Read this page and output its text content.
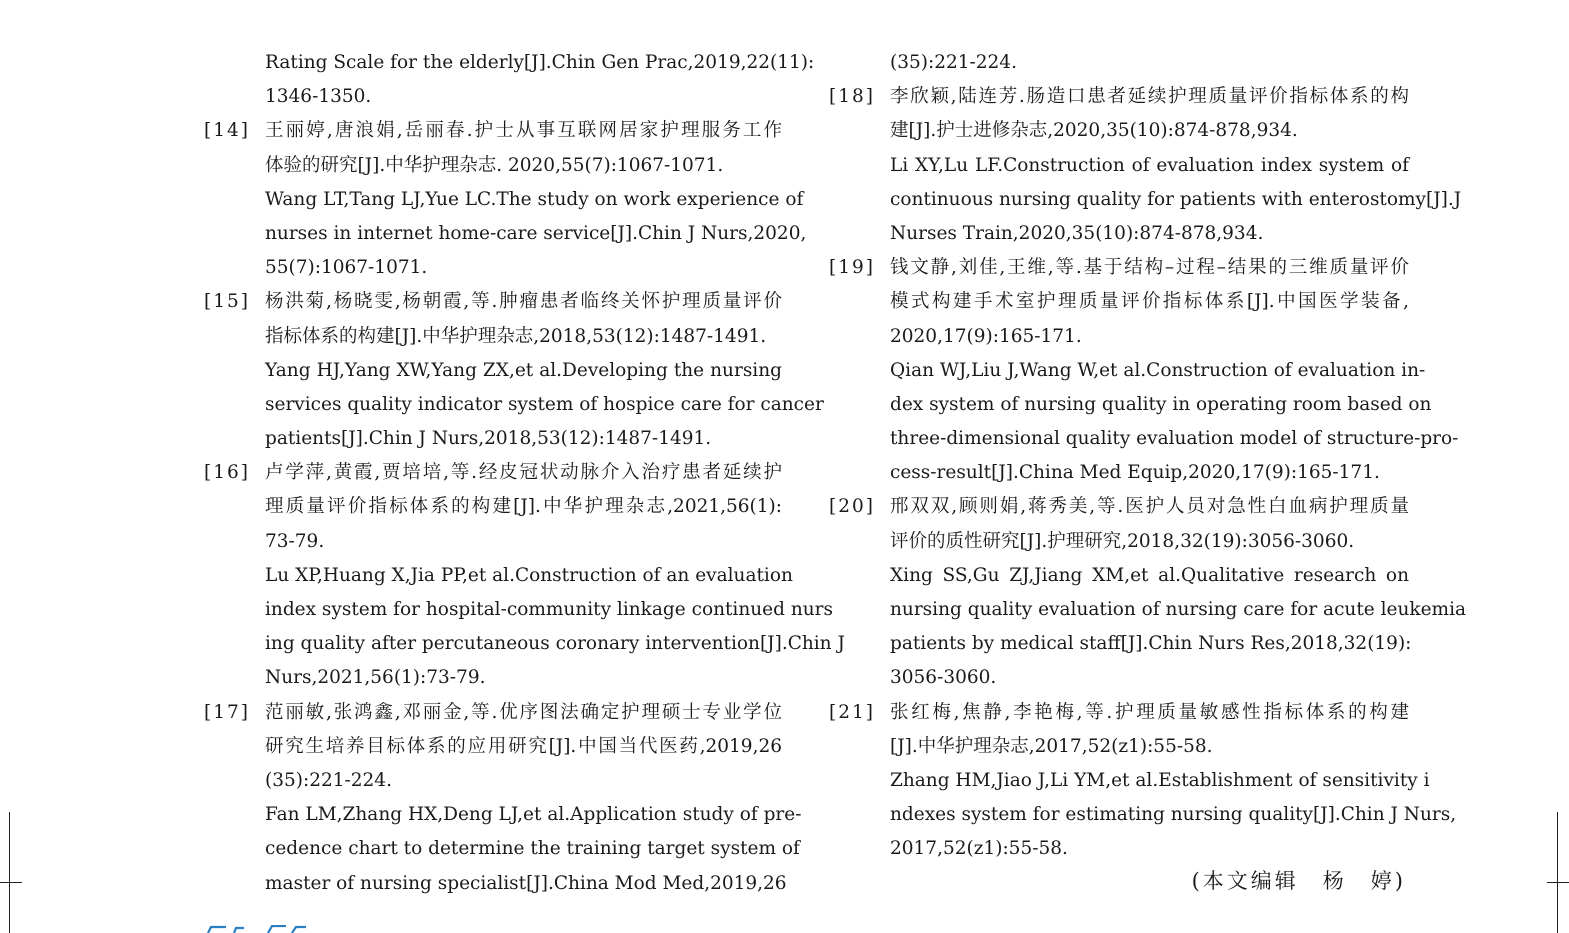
Rating Scale for the elderly[J].Chin Gen Prac,2019,22(11):
1346-1350.
[14] 王丽婷,唐浪娟,岳丽春.护士从事互联网居家护理服务工作
体验的研究[J].中华护理杂志. 2020,55(7):1067-1071.
Wang LT,Tang LJ,Yue LC.The study on work experience of
nurses in internet home-care service[J].Chin J Nurs,2020,
55(7):1067-1071.
[15] 杨洪菊,杨晓雯,杨朝霞,等.肿瘤患者临终关怀护理质量评价
指标体系的构建[J].中华护理杂志,2018,53(12):1487-1491.
Yang HJ,Yang XW,Yang ZX,et al.Developing the nursing
services quality indicator system of hospice care for cancer
patients[J].Chin J Nurs,2018,53(12):1487-1491.
[16] 卢学萍,黄霞,贾培培,等.经皮冠状动脉介入治疗患者延续护
理质量评价指标体系的构建[J].中华护理杂志,2021,56(1):
73-79.
Lu XP,Huang X,Jia PP,et al.Construction of an evaluation
index system for hospital-community linkage continued nurs
ing quality after percutaneous coronary intervention[J].Chin J
Nurs,2021,56(1):73-79.
[17] 范丽敏,张鸿鑫,邓丽金,等.优序图法确定护理硕士专业学位
研究生培养目标体系的应用研究[J].中国当代医药,2019,26
(35):221-224.
Fan LM,Zhang HX,Deng LJ,et al.Application study of pre-
cedence chart to determine the training target system of
master of nursing specialist[J].China Mod Med,2019,26
(35):221-224.
[18] 李欣颖,陆连芳.肠造口患者延续护理质量评价指标体系的构
建[J].护士进修杂志,2020,35(10):874-878,934.
Li XY,Lu LF.Construction of evaluation index system of
continuous nursing quality for patients with enterostomy[J].J
Nurses Train,2020,35(10):874-878,934.
[19] 钱文静,刘佳,王维,等.基于结构–过程–结果的三维质量评价
模式构建手术室护理质量评价指标体系[J].中国医学装备,
2020,17(9):165-171.
Qian WJ,Liu J,Wang W,et al.Construction of evaluation in-
dex system of nursing quality in operating room based on
three-dimensional quality evaluation model of structure-pro-
cess-result[J].China Med Equip,2020,17(9):165-171.
[20] 邢双双,顾则娟,蒋秀美,等.医护人员对急性白血病护理质量
评价的质性研究[J].护理研究,2018,32(19):3056-3060.
Xing SS,Gu ZJ,Jiang XM,et al.Qualitative research on
nursing quality evaluation of nursing care for acute leukemia
patients by medical staff[J].Chin Nurs Res,2018,32(19):
3056-3060.
[21] 张红梅,焦静,李艳梅,等.护理质量敏感性指标体系的构建
[J].中华护理杂志,2017,52(z1):55-58.
Zhang HM,Jiao J,Li YM,et al.Establishment of sensitivity i
ndexes system for estimating nursing quality[J].Chin J Nurs,
2017,52(z1):55-58.
(本文编辑　杨　婷)
